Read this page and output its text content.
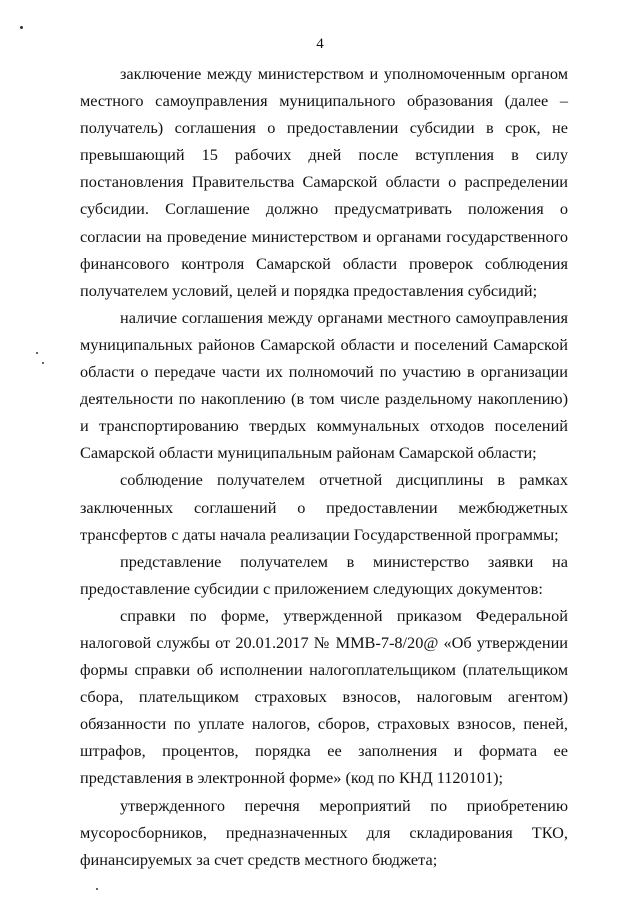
4

заключение между министерством и уполномоченным органом местного самоуправления муниципального образования (далее – получатель) соглашения о предоставлении субсидии в срок, не превышающий 15 рабочих дней после вступления в силу постановления Правительства Самарской области о распределении субсидии. Соглашение должно предусматривать положения о согласии на проведение министерством и органами государственного финансового контроля Самарской области проверок соблюдения получателем условий, целей и порядка предоставления субсидий;

наличие соглашения между органами местного самоуправления муниципальных районов Самарской области и поселений Самарской области о передаче части их полномочий по участию в организации деятельности по накоплению (в том числе раздельному накоплению) и транспортированию твердых коммунальных отходов поселений Самарской области муниципальным районам Самарской области;

соблюдение получателем отчетной дисциплины в рамках заключенных соглашений о предоставлении межбюджетных трансфертов с даты начала реализации Государственной программы;

представление получателем в министерство заявки на предоставление субсидии с приложением следующих документов:

справки по форме, утвержденной приказом Федеральной налоговой службы от 20.01.2017 № ММВ-7-8/20@ «Об утверждении формы справки об исполнении налогоплательщиком (плательщиком сбора, плательщиком страховых взносов, налоговым агентом) обязанности по уплате налогов, сборов, страховых взносов, пеней, штрафов, процентов, порядка ее заполнения и формата ее представления в электронной форме» (код по КНД 1120101);

утвержденного перечня мероприятий по приобретению мусоросборников, предназначенных для складирования ТКО, финансируемых за счет средств местного бюджета;
